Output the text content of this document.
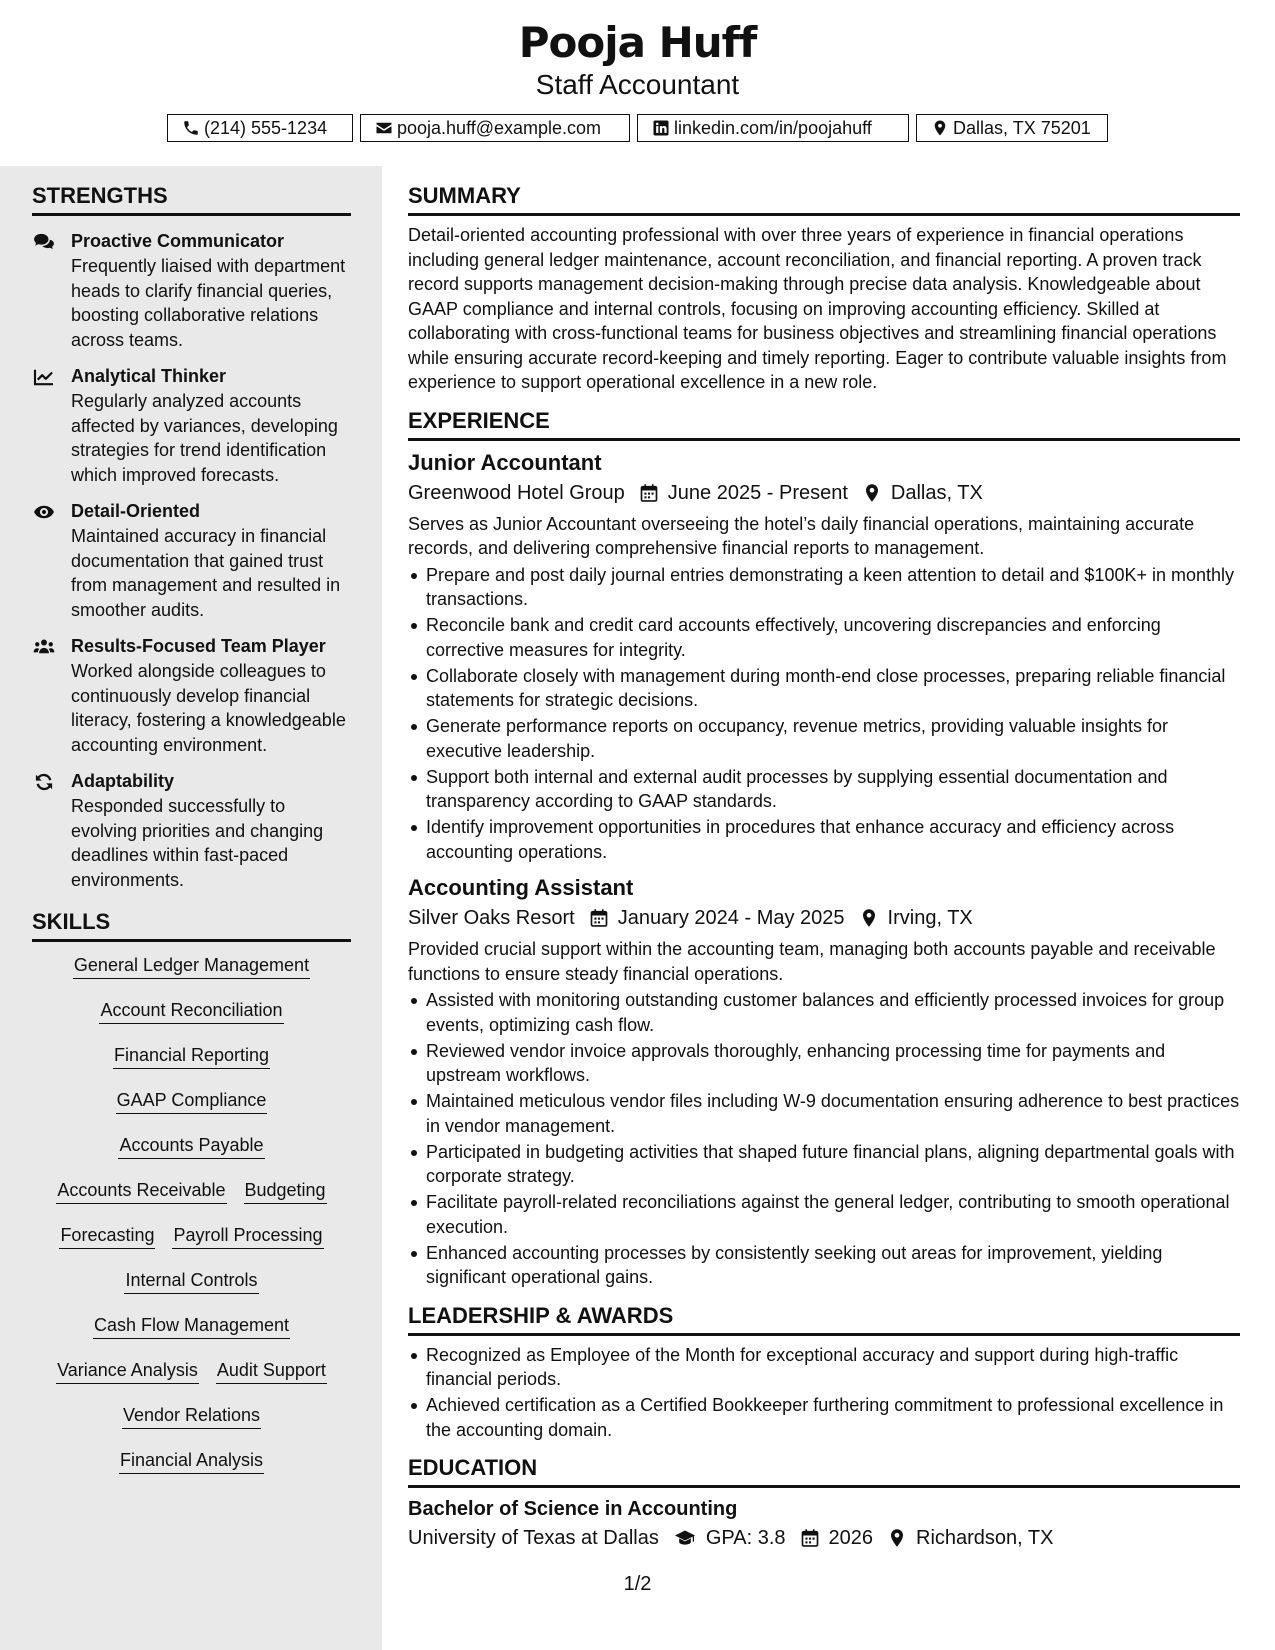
Pooja Huff
Staff Accountant
(214) 555-1234	pooja.huff@example.com	linkedin.com/in/poojahuff	Dallas, TX 75201
STRENGTHS
Proactive Communicator
Frequently liaised with department heads to clarify financial queries, boosting collaborative relations across teams.
Analytical Thinker
Regularly analyzed accounts affected by variances, developing strategies for trend identification which improved forecasts.
Detail-Oriented
Maintained accuracy in financial documentation that gained trust from management and resulted in smoother audits.
Results-Focused Team Player
Worked alongside colleagues to continuously develop financial literacy, fostering a knowledgeable accounting environment.
Adaptability
Responded successfully to evolving priorities and changing deadlines within fast-paced environments.
SKILLS
General Ledger Management
Account Reconciliation
Financial Reporting
GAAP Compliance
Accounts Payable
Accounts Receivable Budgeting
Forecasting Payroll Processing
Internal Controls
Cash Flow Management
Variance Analysis Audit Support
Vendor Relations
Financial Analysis
SUMMARY
Detail-oriented accounting professional with over three years of experience in financial operations including general ledger maintenance, account reconciliation, and financial reporting. A proven track record supports management decision-making through precise data analysis. Knowledgeable about GAAP compliance and internal controls, focusing on improving accounting efficiency. Skilled at collaborating with cross-functional teams for business objectives and streamlining financial operations while ensuring accurate record-keeping and timely reporting. Eager to contribute valuable insights from experience to support operational excellence in a new role.
EXPERIENCE
Junior Accountant
Greenwood Hotel Group June 2025 - Present Dallas, TX
Serves as Junior Accountant overseeing the hotel’s daily financial operations, maintaining accurate records, and delivering comprehensive financial reports to management.
Prepare and post daily journal entries demonstrating a keen attention to detail and $100K+ in monthly transactions.
Reconcile bank and credit card accounts effectively, uncovering discrepancies and enforcing corrective measures for integrity.
Collaborate closely with management during month-end close processes, preparing reliable financial statements for strategic decisions.
Generate performance reports on occupancy, revenue metrics, providing valuable insights for executive leadership.
Support both internal and external audit processes by supplying essential documentation and transparency according to GAAP standards.
Identify improvement opportunities in procedures that enhance accuracy and efficiency across accounting operations.
Accounting Assistant
Silver Oaks Resort January 2024 - May 2025 Irving, TX
Provided crucial support within the accounting team, managing both accounts payable and receivable functions to ensure steady financial operations.
Assisted with monitoring outstanding customer balances and efficiently processed invoices for group events, optimizing cash flow.
Reviewed vendor invoice approvals thoroughly, enhancing processing time for payments and upstream workflows.
Maintained meticulous vendor files including W-9 documentation ensuring adherence to best practices in vendor management.
Participated in budgeting activities that shaped future financial plans, aligning departmental goals with corporate strategy.
Facilitate payroll-related reconciliations against the general ledger, contributing to smooth operational execution.
Enhanced accounting processes by consistently seeking out areas for improvement, yielding significant operational gains.
LEADERSHIP & AWARDS
Recognized as Employee of the Month for exceptional accuracy and support during high-traffic financial periods.
Achieved certification as a Certified Bookkeeper furthering commitment to professional excellence in the accounting domain.
EDUCATION
Bachelor of Science in Accounting
University of Texas at Dallas GPA: 3.8 2026 Richardson, TX
1/2
